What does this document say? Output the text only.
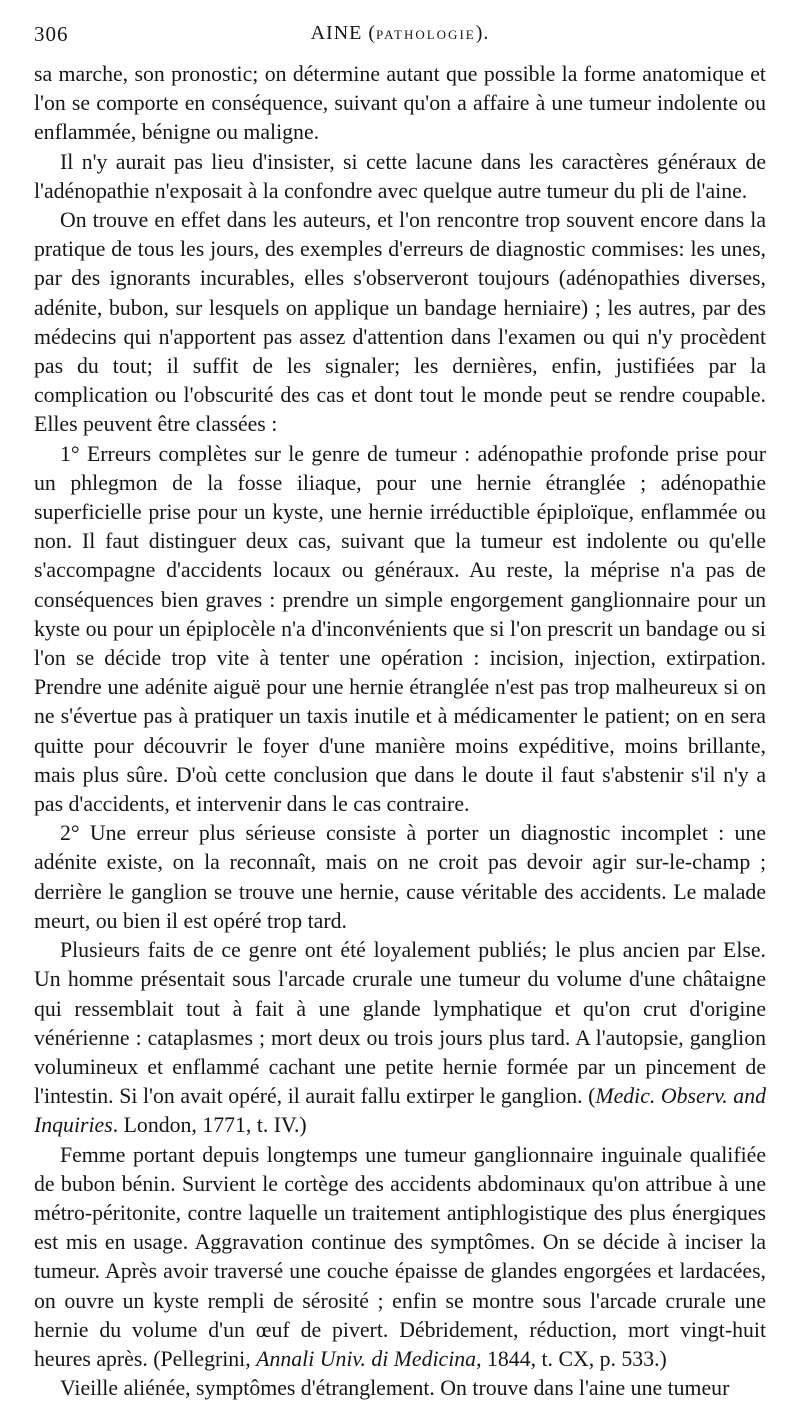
306	AINE (PATHOLOGIE).

sa marche, son pronostic; on détermine autant que possible la forme anatomique et l'on se comporte en conséquence, suivant qu'on a affaire à une tumeur indolente ou enflammée, bénigne ou maligne.

Il n'y aurait pas lieu d'insister, si cette lacune dans les caractères généraux de l'adénopathie n'exposait à la confondre avec quelque autre tumeur du pli de l'aine.

On trouve en effet dans les auteurs, et l'on rencontre trop souvent encore dans la pratique de tous les jours, des exemples d'erreurs de diagnostic commises: les unes, par des ignorants incurables, elles s'observeront toujours (adénopathies diverses, adénite, bubon, sur lesquels on applique un bandage herniaire) ; les autres, par des médecins qui n'apportent pas assez d'attention dans l'examen ou qui n'y procèdent pas du tout; il suffit de les signaler; les dernières, enfin, justifiées par la complication ou l'obscurité des cas et dont tout le monde peut se rendre coupable. Elles peuvent être classées :

1° Erreurs complètes sur le genre de tumeur : adénopathie profonde prise pour un phlegmon de la fosse iliaque, pour une hernie étranglée ; adénopathie superficielle prise pour un kyste, une hernie irréductible épiploïque, enflammée ou non. Il faut distinguer deux cas, suivant que la tumeur est indolente ou qu'elle s'accompagne d'accidents locaux ou généraux. Au reste, la méprise n'a pas de conséquences bien graves : prendre un simple engorgement ganglionnaire pour un kyste ou pour un épiplocèle n'a d'inconvénients que si l'on prescrit un bandage ou si l'on se décide trop vite à tenter une opération : incision, injection, extirpation. Prendre une adénite aiguë pour une hernie étranglée n'est pas trop malheureux si on ne s'évertue pas à pratiquer un taxis inutile et à médicamenter le patient; on en sera quitte pour découvrir le foyer d'une manière moins expéditive, moins brillante, mais plus sûre. D'où cette conclusion que dans le doute il faut s'abstenir s'il n'y a pas d'accidents, et intervenir dans le cas contraire.

2° Une erreur plus sérieuse consiste à porter un diagnostic incomplet : une adénite existe, on la reconnaît, mais on ne croit pas devoir agir sur-le-champ ; derrière le ganglion se trouve une hernie, cause véritable des accidents. Le malade meurt, ou bien il est opéré trop tard.

Plusieurs faits de ce genre ont été loyalement publiés; le plus ancien par Else. Un homme présentait sous l'arcade crurale une tumeur du volume d'une châtaigne qui ressemblait tout à fait à une glande lymphatique et qu'on crut d'origine vénérienne : cataplasmes ; mort deux ou trois jours plus tard. A l'autopsie, ganglion volumineux et enflammé cachant une petite hernie formée par un pincement de l'intestin. Si l'on avait opéré, il aurait fallu extirper le ganglion. (Medic. Observ. and Inquiries. London, 1771, t. IV.)

Femme portant depuis longtemps une tumeur ganglionnaire inguinale qualifiée de bubon bénin. Survient le cortège des accidents abdominaux qu'on attribue à une métro-péritonite, contre laquelle un traitement antiphlogistique des plus énergiques est mis en usage. Aggravation continue des symptômes. On se décide à inciser la tumeur. Après avoir traversé une couche épaisse de glandes engorgées et lardacées, on ouvre un kyste rempli de sérosité ; enfin se montre sous l'arcade crurale une hernie du volume d'un œuf de pivert. Débridement, réduction, mort vingt-huit heures après. (Pellegrini, Annali Univ. di Medicina, 1844, t. CX, p. 533.)

Vieille aliénée, symptômes d'étranglement. On trouve dans l'aine une tumeur
